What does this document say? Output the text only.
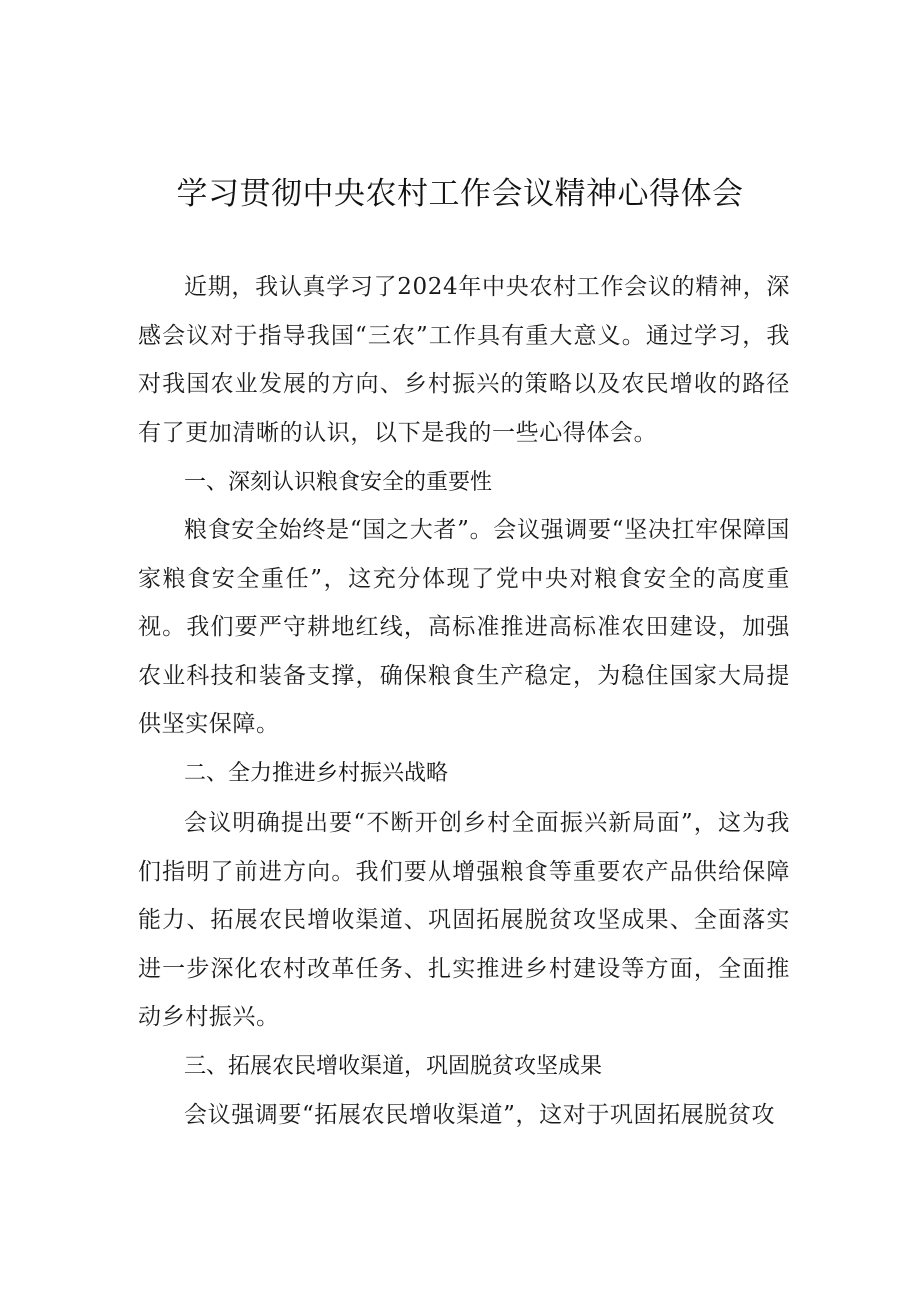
学习贯彻中央农村工作会议精神心得体会

近期，我认真学习了2024年中央农村工作会议的精神，深感会议对于指导我国“三农”工作具有重大意义。通过学习，我对我国农业发展的方向、乡村振兴的策略以及农民增收的路径有了更加清晰的认识，以下是我的一些心得体会。

一、深刻认识粮食安全的重要性

粮食安全始终是“国之大者”。会议强调要“坚决扛牢保障国家粮食安全重任”，这充分体现了党中央对粮食安全的高度重视。我们要严守耕地红线，高标准推进高标准农田建设，加强农业科技和装备支撑，确保粮食生产稳定，为稳住国家大局提供坚实保障。

二、全力推进乡村振兴战略

会议明确提出要“不断开创乡村全面振兴新局面”，这为我们指明了前进方向。我们要从增强粮食等重要农产品供给保障能力、拓展农民增收渠道、巩固拓展脱贫攻坚成果、全面落实进一步深化农村改革任务、扎实推进乡村建设等方面，全面推动乡村振兴。

三、拓展农民增收渠道，巩固脱贫攻坚成果

会议强调要“拓展农民增收渠道”，这对于巩固拓展脱贫攻
